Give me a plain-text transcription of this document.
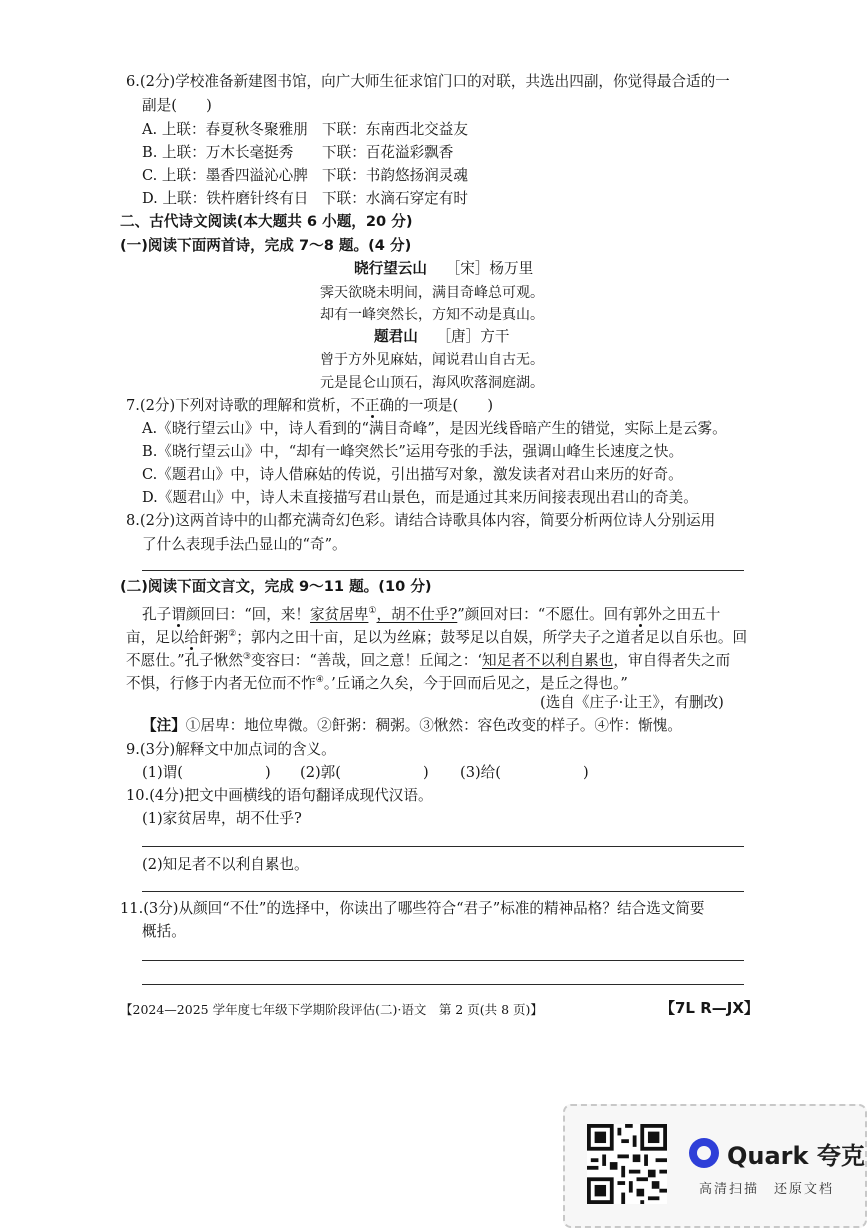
6.(2分)学校准备新建图书馆，向广大师生征求馆门口的对联，共选出四副，你觉得最合适的一
副是(　　)
A. 上联：春夏秋冬聚雅朋 下联：东南西北交益友
B. 上联：万木长毫挺秀 下联：百花溢彩飘香
C. 上联：墨香四溢沁心脾 下联：书韵悠扬润灵魂
D. 上联：铁杵磨针终有日 下联：水滴石穿定有时
二、古代诗文阅读(本大题共 6 小题，20 分)
(一)阅读下面两首诗，完成 7～8 题。(4 分)
晓行望云山 ［宋］杨万里
霁天欲晓未明间，满目奇峰总可观。
却有一峰突然长，方知不动是真山。
题君山 ［唐］方干
曾于方外见麻姑，闻说君山自古无。
元是昆仑山顶石，海风吹落洞庭湖。
7.(2分)下列对诗歌的理解和赏析，不正确的一项是(　　)
A.《晓行望云山》中，诗人看到的“满目奇峰”，是因光线昏暗产生的错觉，实际上是云雾。
B.《晓行望云山》中，“却有一峰突然长”运用夸张的手法，强调山峰生长速度之快。
C.《题君山》中，诗人借麻姑的传说，引出描写对象，激发读者对君山来历的好奇。
D.《题君山》中，诗人未直接描写君山景色，而是通过其来历间接表现出君山的奇美。
8.(2分)这两首诗中的山都充满奇幻色彩。请结合诗歌具体内容，简要分析两位诗人分别运用
了什么表现手法凸显山的“奇”。
(二)阅读下面文言文，完成 9～11 题。(10 分)
孔子谓颜回曰：“回，来！家贫居卑①，胡不仕乎?”颜回对曰：“不愿仕。回有郭外之田五十
亩，足以给飦粥②；郭内之田十亩，足以为丝麻；鼓琴足以自娱，所学夫子之道者足以自乐也。回
不愿仕。”孔子愀然③变容曰：“善哉，回之意！丘闻之：‘知足者不以利自累也，审自得者失之而
不惧，行修于内者无位而不怍④。’丘诵之久矣，今于回而后见之，是丘之得也。”
(选自《庄子·让王》，有删改)
【注】①居卑：地位卑微。②飦粥：稠粥。③愀然：容色改变的样子。④怍：惭愧。
9.(3分)解释文中加点词的含义。
(1)谓(	) (2)郭(	) (3)给(	)
10.(4分)把文中画横线的语句翻译成现代汉语。
(1)家贫居卑，胡不仕乎?
(2)知足者不以利自累也。
11.(3分)从颜回“不仕”的选择中，你读出了哪些符合“君子”标准的精神品格？结合选文简要
概括。
【2024—2025 学年度七年级下学期阶段评估(二)·语文　第 2 页(共 8 页)】	【7L R—JX】
Quark 夸克
高清扫描　还原文档
